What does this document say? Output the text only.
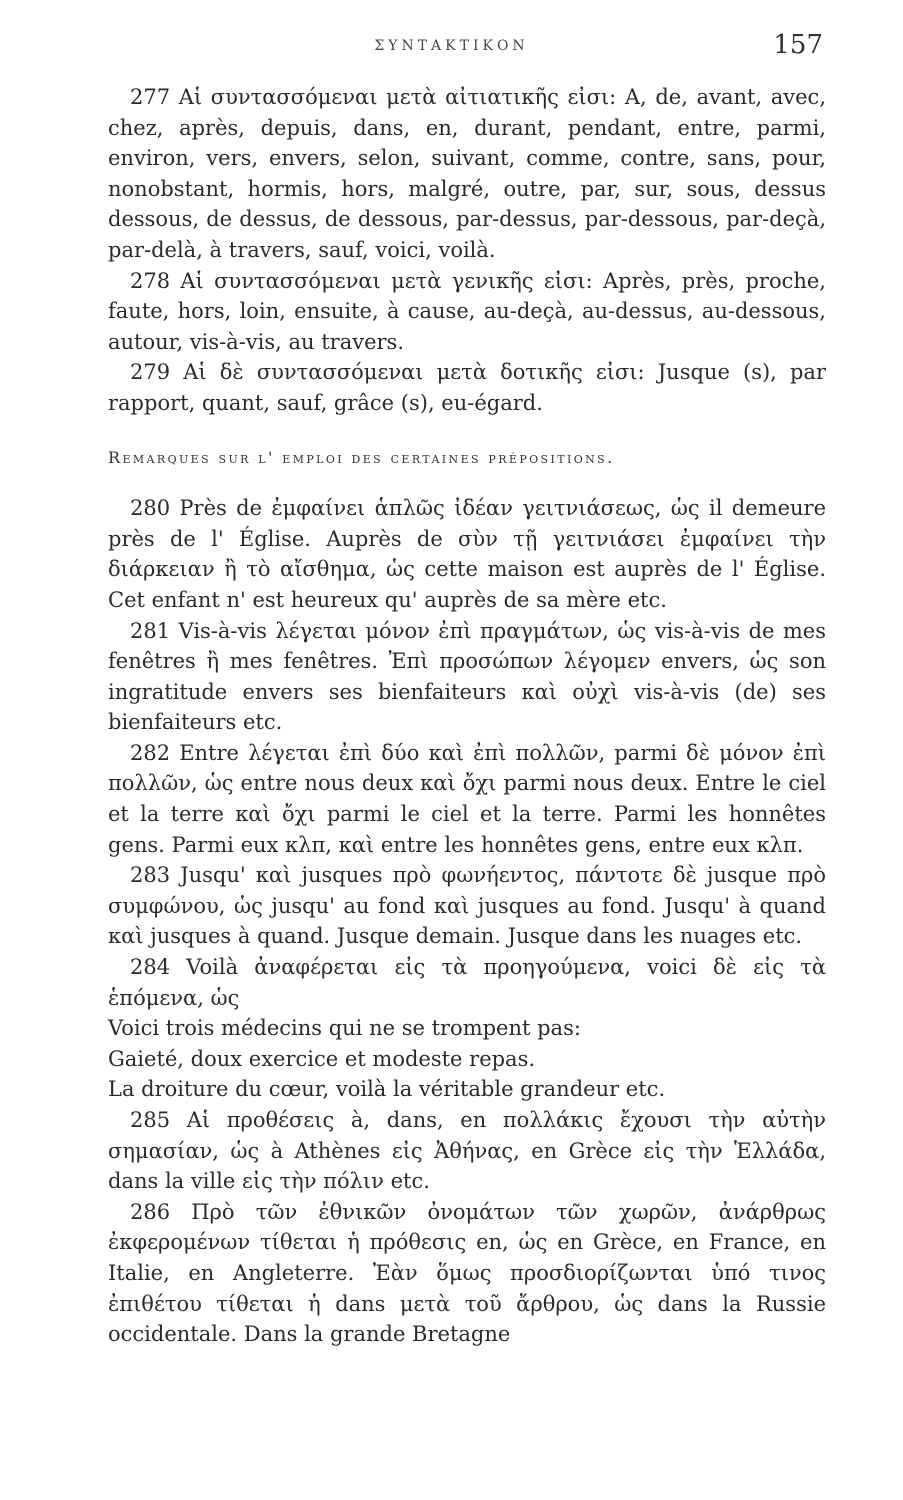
ΣΥΝΤΑΚΤΙΚΟΝ	157

277 Αἱ συντασσόμεναι μετὰ αἰτιατικῆς εἰσι: A, de, avant, avec, chez, après, depuis, dans, en, durant, pendant, entre, parmi, environ, vers, envers, selon, suivant, comme, contre, sans, pour, nonobstant, hormis, hors, malgré, outre, par, sur, sous, dessus dessous, de dessus, de dessous, par-dessus, par-dessous, par-deçà, par-delà, à travers, sauf, voici, voilà.

278 Αἱ συντασσόμεναι μετὰ γενικῆς εἰσι: Après, près, proche, faute, hors, loin, ensuite, à cause, au-deçà, au-dessus, au-dessous, autour, vis-à-vis, au travers.

279 Αἱ δὲ συντασσόμεναι μετὰ δοτικῆς εἰσι: Jusque (s), par rapport, quant, sauf, grâce (s), eu-égard.

Remarques sur l' emploi des certaines prépositions.

280 Près de ἐμφαίνει ἁπλῶς ἰδέαν γειτνιάσεως, ὡς il demeure près de l' Église. Auprès de σὺν τῇ γειτνιάσει ἐμφαίνει τὴν διάρκειαν ἢ τὸ αἴσθημα, ὡς cette maison est auprès de l' Église. Cet enfant n' est heureux qu' auprès de sa mère etc.

281 Vis-à-vis λέγεται μόνον ἐπὶ πραγμάτων, ὡς vis-à-vis de mes fenêtres ἢ mes fenêtres. Ἐπὶ προσώπων λέγομεν envers, ὡς son ingratitude envers ses bienfaiteurs καὶ οὐχὶ vis-à-vis (de) ses bienfaiteurs etc.

282 Entre λέγεται ἐπὶ δύο καὶ ἐπὶ πολλῶν, parmi δὲ μόνον ἐπὶ πολλῶν, ὡς entre nous deux καὶ ὄχι parmi nous deux. Entre le ciel et la terre καὶ ὄχι parmi le ciel et la terre. Parmi les honnêtes gens. Parmi eux κλπ, καὶ entre les honnêtes gens, entre eux κλπ.

283 Jusqu' καὶ jusques πρὸ φωνήεντος, πάντοτε δὲ jusque πρὸ συμφώνου, ὡς jusqu' au fond καὶ jusques au fond. Jusqu' à quand καὶ jusques à quand. Jusque demain. Jusque dans les nuages etc.

284 Voilà ἀναφέρεται εἰς τὰ προηγούμενα, voici δὲ εἰς τὰ ἑπόμενα, ὡς

Voici trois médecins qui ne se trompent pas:

Gaieté, doux exercice et modeste repas.

La droiture du cœur, voilà la véritable grandeur etc.

285 Αἱ προθέσεις à, dans, en πολλάκις ἔχουσι τὴν αὐτὴν σημασίαν, ὡς à Athènes εἰς Ἀθήνας, en Grèce εἰς τὴν Ἑλλάδα, dans la ville εἰς τὴν πόλιν etc.

286 Πρὸ τῶν ἐθνικῶν ὀνομάτων τῶν χωρῶν, ἀνάρθρως ἐκφερομένων τίθεται ἡ πρόθεσις en, ὡς en Grèce, en France, en Italie, en Angleterre. Ἐὰν ὅμως προσδιορίζωνται ὑπό τινος ἐπιθέτου τίθεται ἡ dans μετὰ τοῦ ἄρθρου, ὡς dans la Russie occidentale. Dans la grande Bretagne
